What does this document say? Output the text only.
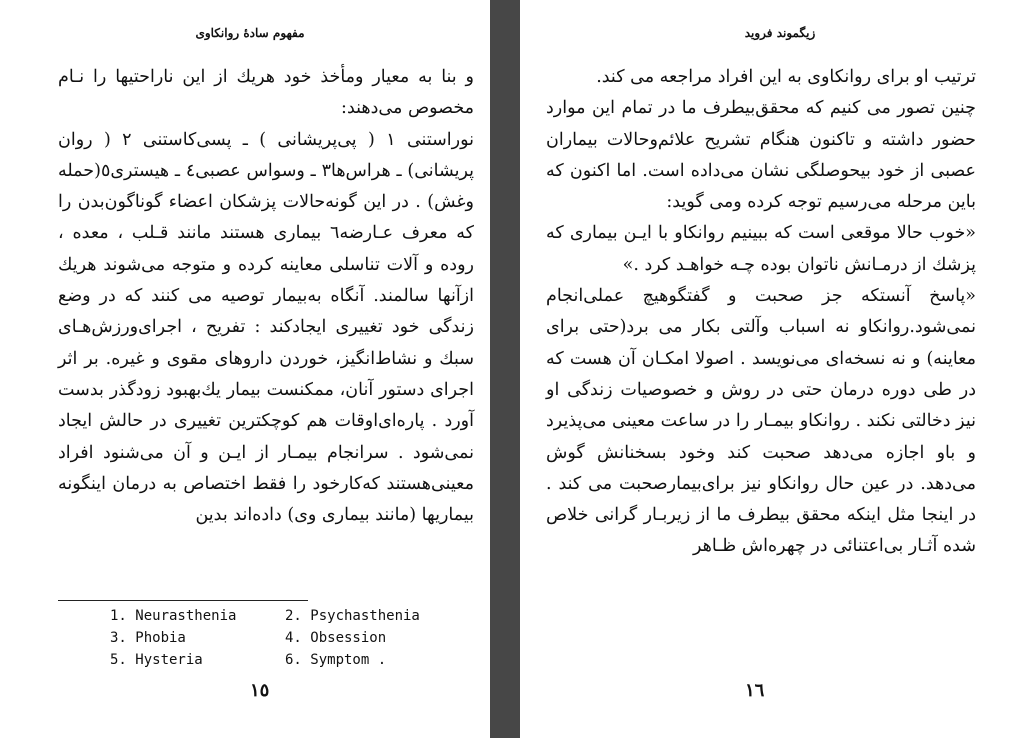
مفهوم سادهٔ روانکاوی

و بنا به معیار ومأخذ خود هریك از این ناراحتیها را نـام مخصوص می‌دهند:

نوراستنی ١ ( پی‌پریشانی ) ـ پسی‌کاستنی ٢ ( روان پریشانی) ـ هراس‌ها٣ ـ وسواس عصبی٤ ـ هیستری٥(حمله وغش) . در این گونه‌حالات پزشکان اعضاء گوناگون‌بدن را که معرف عـارضه٦ بیماری هستند مانند قـلب ، معده ، روده و آلات تناسلی معاینه کرده و متوجه می‌شوند هریك ازآنها سالمند. آنگاه به‌بیمار توصیه می کنند که در وضع زندگی خود تغییری ایجادکند : تفریح ، اجرای‌ورزش‌هـای سبك و نشاط‌انگیز، خوردن داروهای مقوی و غیره. بر اثر اجرای دستور آنان، ممکنست بیمار یك‌بهبود زودگذر بدست آورد . پاره‌ای‌اوقات هم کوچکترین تغییری در حالش ایجاد نمی‌شود . سرانجام بیمـار از ایـن و آن می‌شنود افراد معینی‌هستند که‌کارخود را فقط اختصاص به درمان اینگونه بیماریها (مانند بیماری وی) داده‌اند بدین‌

1. Neurasthenia	2. Psychasthenia
3. Phobia	4. Obsession
5. Hysteria	6. Symptom .
١٥
زیگموند فروید

ترتیب او برای روانکاوی به این افراد مراجعه می کند.

چنین تصور می کنیم که محقق‌بیطرف ما در تمام این موارد حضور داشته و تا‌کنون هنگام تشریح علائم‌وحالات بیماران عصبی از خود بیحوصلگی نشان می‌داده است. اما اکنون که باین مرحله می‌رسیم توجه کرده ومی گوید:

«خوب حالا موقعی است که ببینیم روانکاو با ایـن بیماری که پزشك از درمـانش ناتوان بوده چـه خواهـد کرد .»

«پاسخ آنستکه جز صحبت و گفتگوهیچ عملی‌انجام نمی‌شود.روانکاو نه اسباب وآلتی بکار می برد(حتی برای معاینه) و نه نسخه‌ای می‌نویسد . اصولا امکـان آن هست که در طی دوره درمان حتی در روش و خصوصیات زندگی او نیز دخالتی نکند . روانکاو بیمـار را در ساعت معینی می‌پذیرد و باو اجازه می‌دهد صحبت کند وخود بسخنانش گوش می‌دهد. در عین حال روانکاو نیز برای‌بیمارصحبت می کند . در اینجا مثل اینکه محقق بیطرف ما از زیربـار گرانی خلاص شده آثـار بی‌اعتنائی در چهره‌اش ظـاهر

١٦
